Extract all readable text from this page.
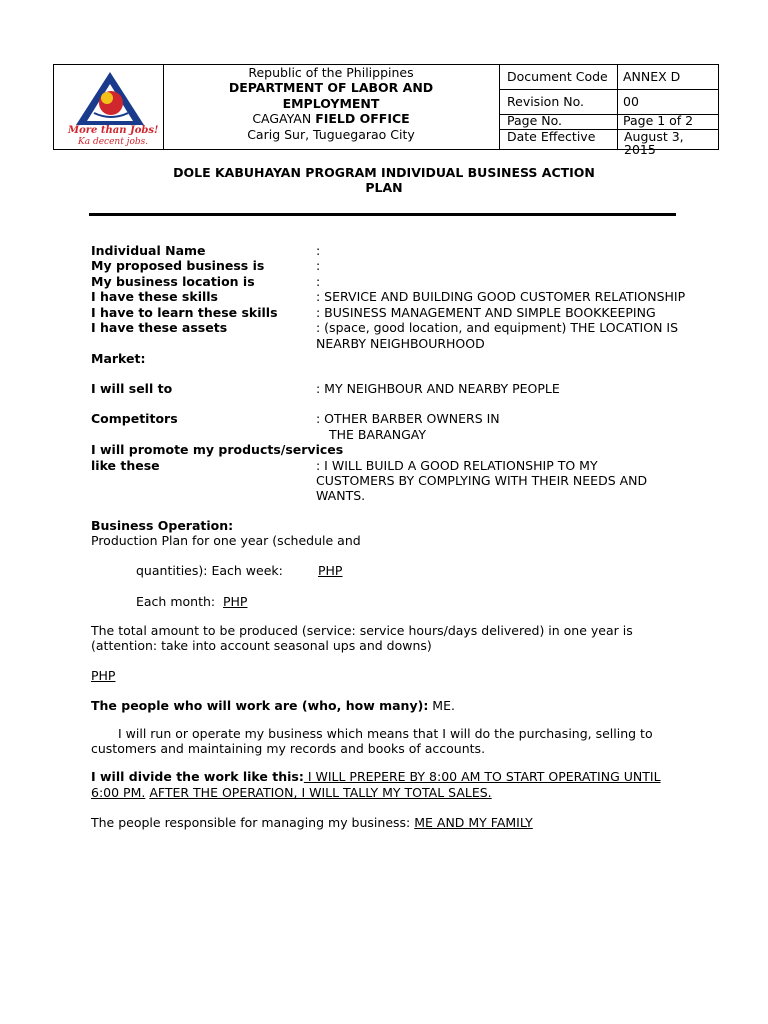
More than Jobs!
Ka decent jobs.
Republic of the Philippines
DEPARTMENT OF LABOR AND
EMPLOYMENT
CAGAYAN FIELD OFFICE
Carig Sur, Tuguegarao City
Document Code ANNEX D
Revision No.	00
Page No.	Page 1 of 2
Date Effective August 3,
2015
DOLE KABUHAYAN PROGRAM INDIVIDUAL BUSINESS ACTION
PLAN
Individual Name	:
My proposed business is	:
My business location is	:
I have these skills	: SERVICE AND BUILDING GOOD CUSTOMER RELATIONSHIP
I have to learn these skills	: BUSINESS MANAGEMENT AND SIMPLE BOOKKEEPING
I have these assets	: (space, good location, and equipment) THE LOCATION IS
NEARBY NEIGHBOURHOOD
Market:
I will sell to	: MY NEIGHBOUR AND NEARBY PEOPLE
Competitors	: OTHER BARBER OWNERS IN
THE BARANGAY
I will promote my products/services
like these	: I WILL BUILD A GOOD RELATIONSHIP TO MY
CUSTOMERS BY COMPLYING WITH THEIR NEEDS AND
WANTS.
Business Operation:
Production Plan for one year (schedule and
quantities): Each week:	PHP
Each month: PHP
The total amount to be produced (service: service hours/days delivered) in one year is
(attention: take into account seasonal ups and downs)
PHP
The people who will work are (who, how many): ME.
I will run or operate my business which means that I will do the purchasing, selling to
customers and maintaining my records and books of accounts.
I will divide the work like this: I WILL PREPERE BY 8:00 AM TO START OPERATING UNTIL
6:00 PM. AFTER THE OPERATION, I WILL TALLY MY TOTAL SALES.
The people responsible for managing my business: ME AND MY FAMILY
